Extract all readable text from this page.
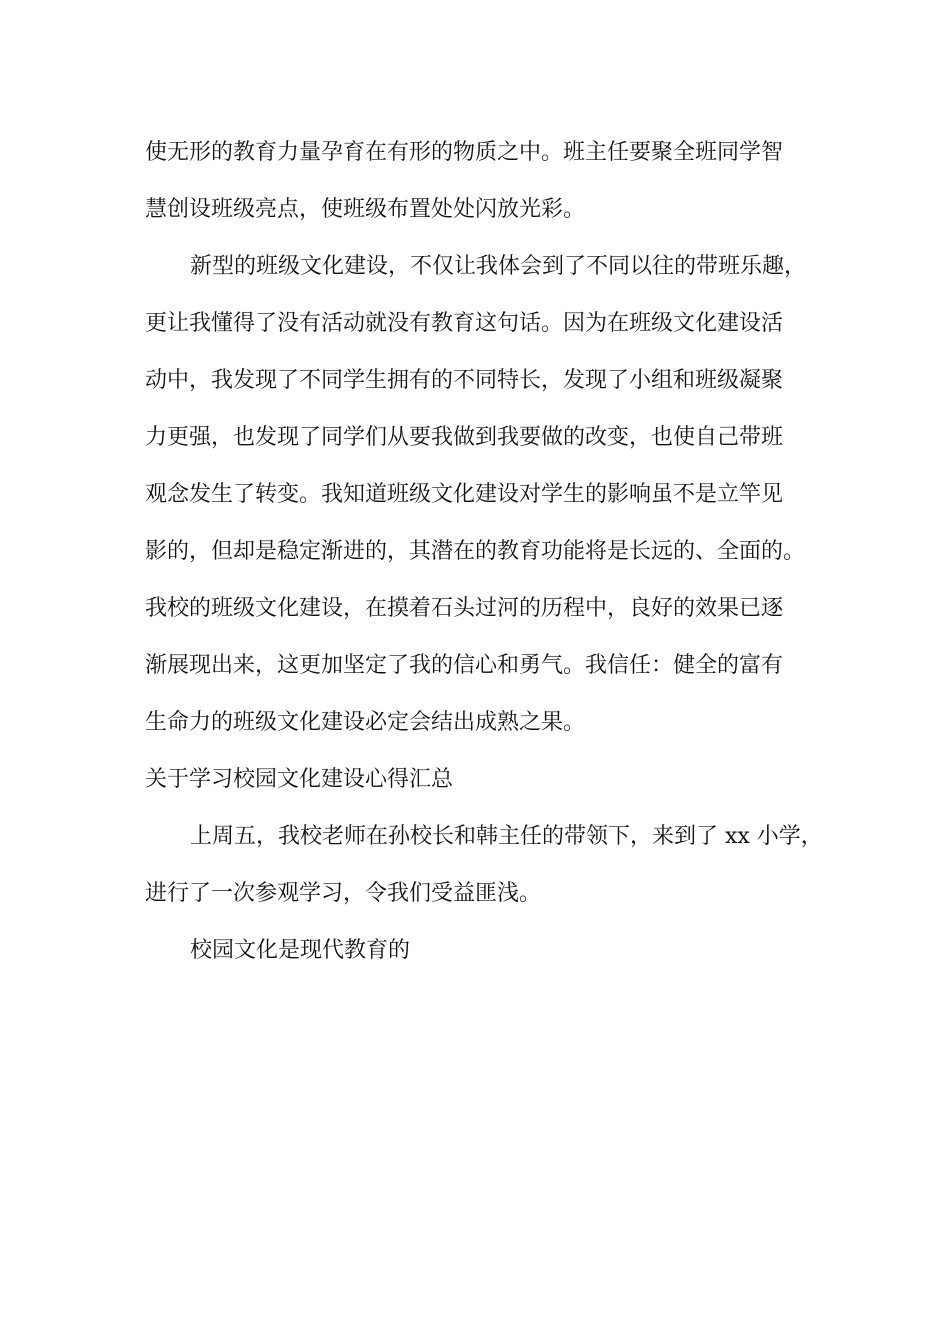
使无形的教育力量孕育在有形的物质之中。班主任要聚全班同学智
慧创设班级亮点，使班级布置处处闪放光彩。
新型的班级文化建设，不仅让我体会到了不同以往的带班乐趣，
更让我懂得了没有活动就没有教育这句话。因为在班级文化建设活
动中，我发现了不同学生拥有的不同特长，发现了小组和班级凝聚
力更强，也发现了同学们从要我做到我要做的改变，也使自己带班
观念发生了转变。我知道班级文化建设对学生的影响虽不是立竿见
影的，但却是稳定渐进的，其潜在的教育功能将是长远的、全面的。
我校的班级文化建设，在摸着石头过河的历程中，良好的效果已逐
渐展现出来，这更加坚定了我的信心和勇气。我信任：健全的富有
生命力的班级文化建设必定会结出成熟之果。
关于学习校园文化建设心得汇总
上周五，我校老师在孙校长和韩主任的带领下，来到了 xx 小学，
进行了一次参观学习，令我们受益匪浅。
校园文化是现代教育的
